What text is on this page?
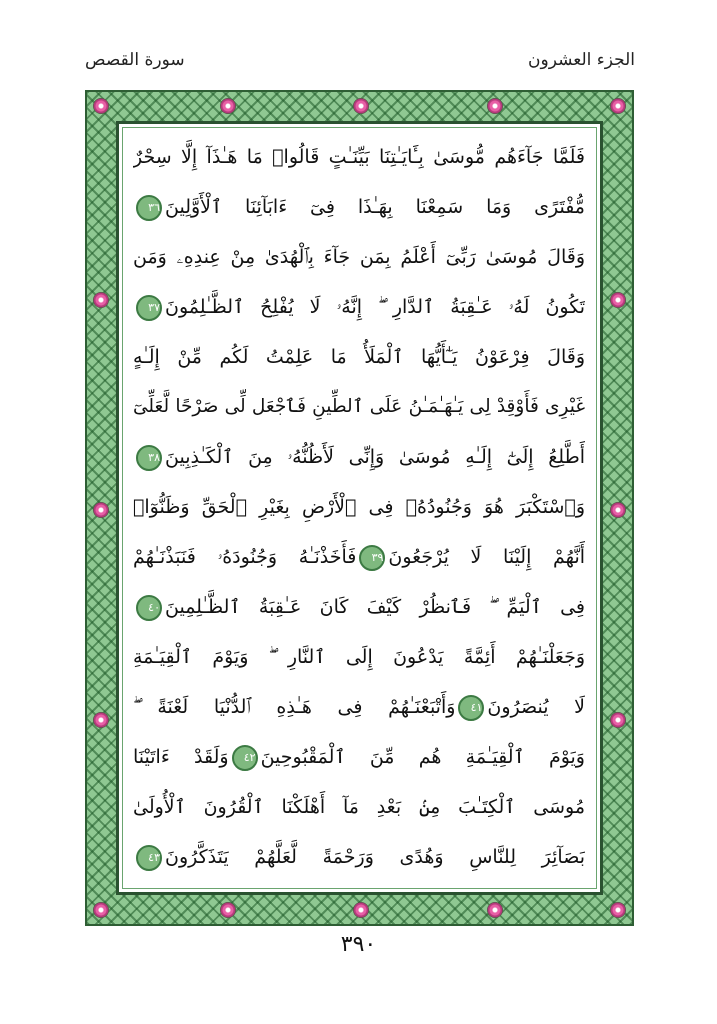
الجزء العشرون
سورة القصص
فَلَمَّا جَآءَهُم مُّوسَىٰ بِـَٔايَـٰتِنَا بَيِّنَـٰتٍ قَالُوا۟ مَا هَـٰذَآ إِلَّا سِحْرٌ
مُّفْتَرًى وَمَا سَمِعْنَا بِهَـٰذَا فِىٓ ءَابَآئِنَا ٱلْأَوَّلِينَ٣٦
وَقَالَ مُوسَىٰ رَبِّىٓ أَعْلَمُ بِمَن جَآءَ بِٱلْهُدَىٰ مِنْ عِندِهِۦ وَمَن
تَكُونُ لَهُۥ عَـٰقِبَةُ ٱلدَّارِ ۖ إِنَّهُۥ لَا يُفْلِحُ ٱلظَّـٰلِمُونَ٣٧
وَقَالَ فِرْعَوْنُ يَـٰٓأَيُّهَا ٱلْمَلَأُ مَا عَلِمْتُ لَكُم مِّنْ إِلَـٰهٍ
غَيْرِى فَأَوْقِدْ لِى يَـٰهَـٰمَـٰنُ عَلَى ٱلطِّينِ فَٱجْعَل لِّى صَرْحًا لَّعَلِّىٓ
أَطَّلِعُ إِلَىٰٓ إِلَـٰهِ مُوسَىٰ وَإِنِّى لَأَظُنُّهُۥ مِنَ ٱلْكَـٰذِبِينَ٣٨
وَٱسْتَكْبَرَ هُوَ وَجُنُودُهُۥ فِى ٱلْأَرْضِ بِغَيْرِ ٱلْحَقِّ وَظَنُّوٓا۟
أَنَّهُمْ إِلَيْنَا لَا يُرْجَعُونَ٣٩فَأَخَذْنَـٰهُ وَجُنُودَهُۥ فَنَبَذْنَـٰهُمْ
فِى ٱلْيَمِّ ۖ فَٱنظُرْ كَيْفَ كَانَ عَـٰقِبَةُ ٱلظَّـٰلِمِينَ٤٠
وَجَعَلْنَـٰهُمْ أَئِمَّةً يَدْعُونَ إِلَى ٱلنَّارِ ۖ وَيَوْمَ ٱلْقِيَـٰمَةِ
لَا يُنصَرُونَ٤١وَأَتْبَعْنَـٰهُمْ فِى هَـٰذِهِ ٱلدُّنْيَا لَعْنَةً ۖ
وَيَوْمَ ٱلْقِيَـٰمَةِ هُم مِّنَ ٱلْمَقْبُوحِينَ٤٢وَلَقَدْ ءَاتَيْنَا
مُوسَى ٱلْكِتَـٰبَ مِنۢ بَعْدِ مَآ أَهْلَكْنَا ٱلْقُرُونَ ٱلْأُولَىٰ
بَصَآئِرَ لِلنَّاسِ وَهُدًى وَرَحْمَةً لَّعَلَّهُمْ يَتَذَكَّرُونَ٤٣
٣٩٠
